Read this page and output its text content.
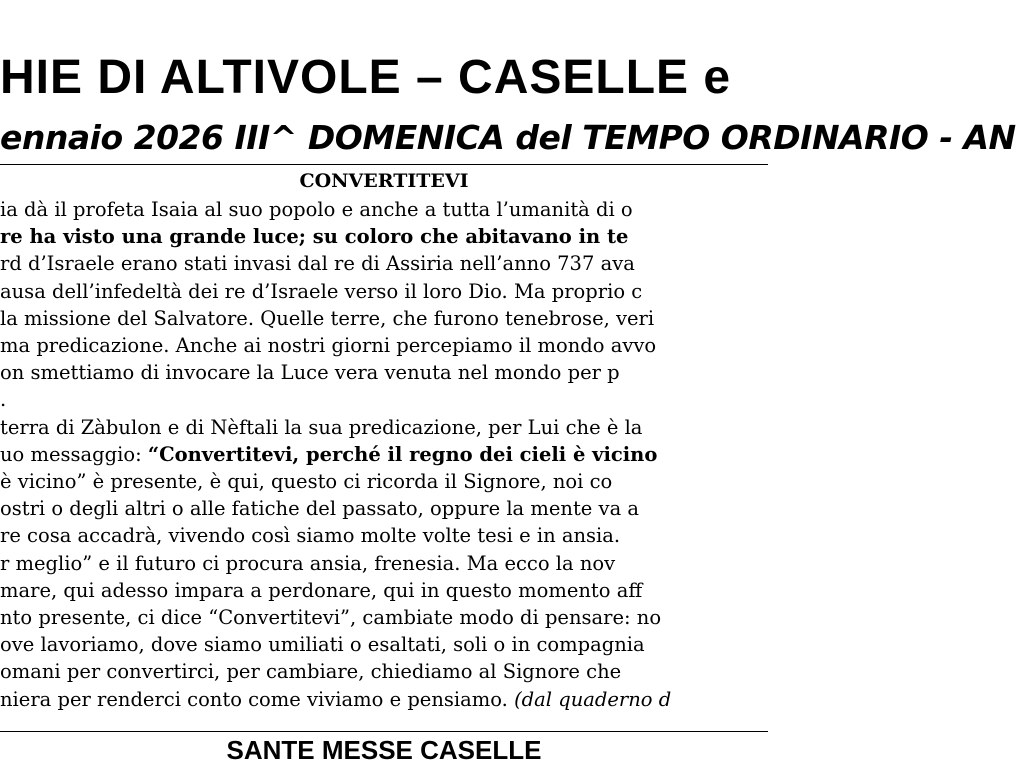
HIE DI ALTIVOLE – CASELLE e
ennaio 2026 III^ DOMENICA del TEMPO ORDINARIO - AN
CONVERTITEVI
ia dà il profeta Isaia al suo popolo e anche a tutta l’umanità di o
re ha visto una grande luce; su coloro che abitavano in te
rd d’Israele erano stati invasi dal re di Assiria nell’anno 737 ava
ausa dell’infedeltà dei re d’Israele verso il loro Dio. Ma proprio c
la missione del Salvatore. Quelle terre, che furono tenebrose, veri
ma predicazione. Anche ai nostri giorni percepiamo il mondo avvo
on smettiamo di invocare la Luce vera venuta nel mondo per p
.
terra di Zàbulon e di Nèftali la sua predicazione, per Lui che è la
uo messaggio: “Convertitevi, perché il regno dei cieli è vicino
è vicino” è presente, è qui, questo ci ricorda il Signore, noi co
ostri o degli altri o alle fatiche del passato, oppure la mente va a
re cosa accadrà, vivendo così siamo molte volte tesi e in ansia.
r meglio” e il futuro ci procura ansia, frenesia. Ma ecco la nov
mare, qui adesso impara a perdonare, qui in questo momento aff
nto presente, ci dice “Convertitevi”, cambiate modo di pensare: no
ove lavoriamo, dove siamo umiliati o esaltati, soli o in compagnia
omani per convertirci, per cambiare, chiediamo al Signore che
niera per renderci conto come viviamo e pensiamo. (dal quaderno d
SANTE MESSE CASELLE
